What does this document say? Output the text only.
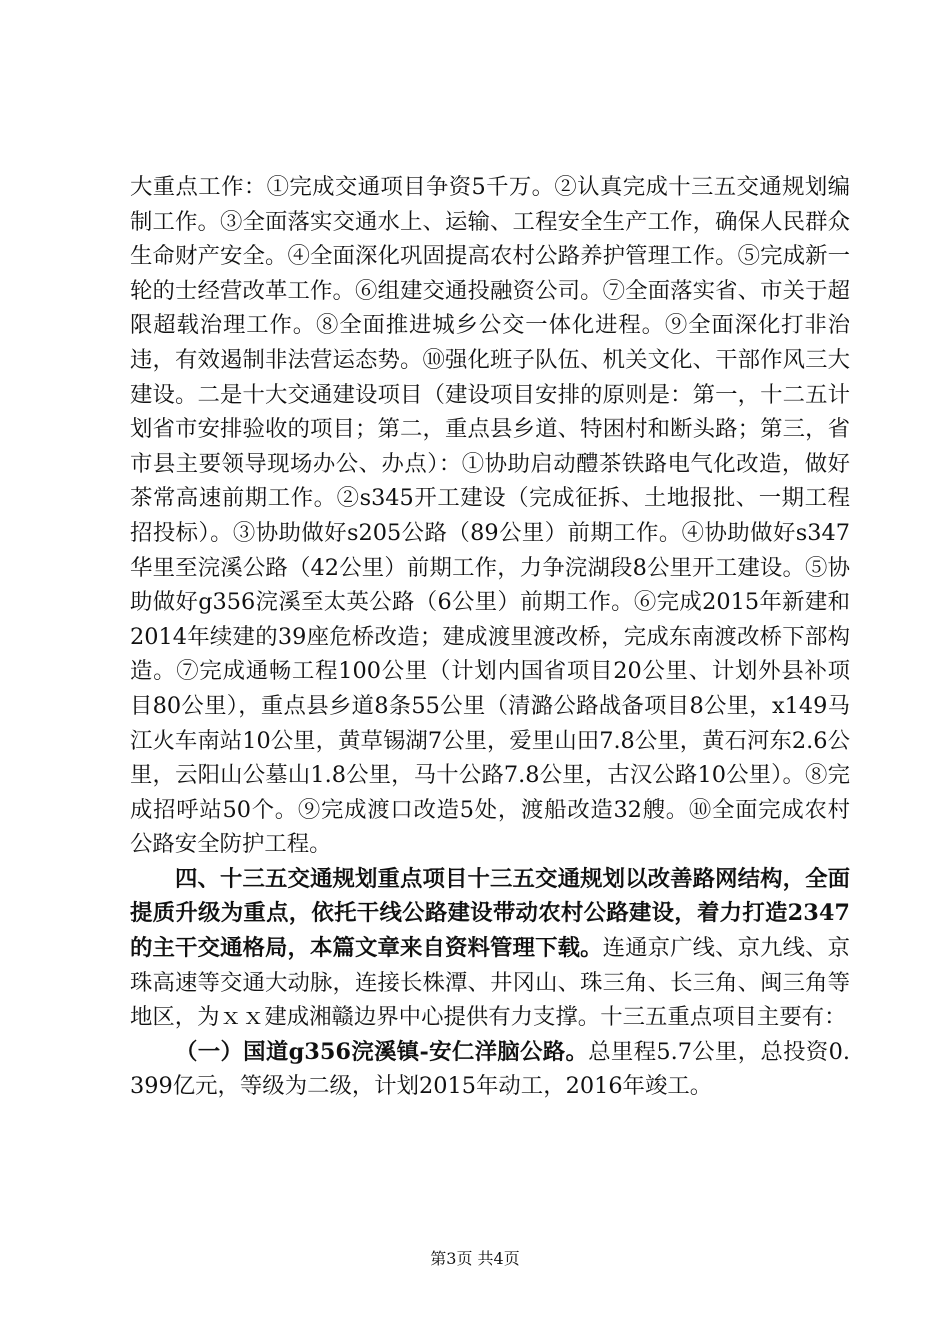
大重点工作：①完成交通项目争资5千万。②认真完成十三五交通规划编制工作。③全面落实交通水上、运输、工程安全生产工作，确保人民群众生命财产安全。④全面深化巩固提高农村公路养护管理工作。⑤完成新一轮的士经营改革工作。⑥组建交通投融资公司。⑦全面落实省、市关于超限超载治理工作。⑧全面推进城乡公交一体化进程。⑨全面深化打非治违，有效遏制非法营运态势。⑩强化班子队伍、机关文化、干部作风三大建设。二是十大交通建设项目（建设项目安排的原则是：第一，十二五计划省市安排验收的项目；第二，重点县乡道、特困村和断头路；第三，省市县主要领导现场办公、办点）：①协助启动醴茶铁路电气化改造，做好茶常高速前期工作。②s345开工建设（完成征拆、土地报批、一期工程招投标）。③协助做好s205公路（89公里）前期工作。④协助做好s347华里至浣溪公路（42公里）前期工作，力争浣湖段8公里开工建设。⑤协助做好g356浣溪至太英公路（6公里）前期工作。⑥完成2015年新建和2014年续建的39座危桥改造；建成渡里渡改桥，完成东南渡改桥下部构造。⑦完成通畅工程100公里（计划内国省项目20公里、计划外县补项目80公里），重点县乡道8条55公里（清潞公路战备项目8公里，x149马江火车南站10公里，黄草锡湖7公里，爱里山田7.8公里，黄石河东2.6公里，云阳山公墓山1.8公里，马十公路7.8公里，古汉公路10公里）。⑧完成招呼站50个。⑨完成渡口改造5处，渡船改造32艘。⑩全面完成农村公路安全防护工程。

四、十三五交通规划重点项目十三五交通规划以改善路网结构，全面提质升级为重点，依托干线公路建设带动农村公路建设，着力打造2347的主干交通格局，本篇文章来自资料管理下载。连通京广线、京九线、京珠高速等交通大动脉，连接长株潭、井冈山、珠三角、长三角、闽三角等地区，为ｘｘ建成湘赣边界中心提供有力支撑。十三五重点项目主要有：

（一）国道g356浣溪镇-安仁洋脑公路。总里程5.7公里，总投资0.399亿元，等级为二级，计划2015年动工，2016年竣工。

第3页 共4页
